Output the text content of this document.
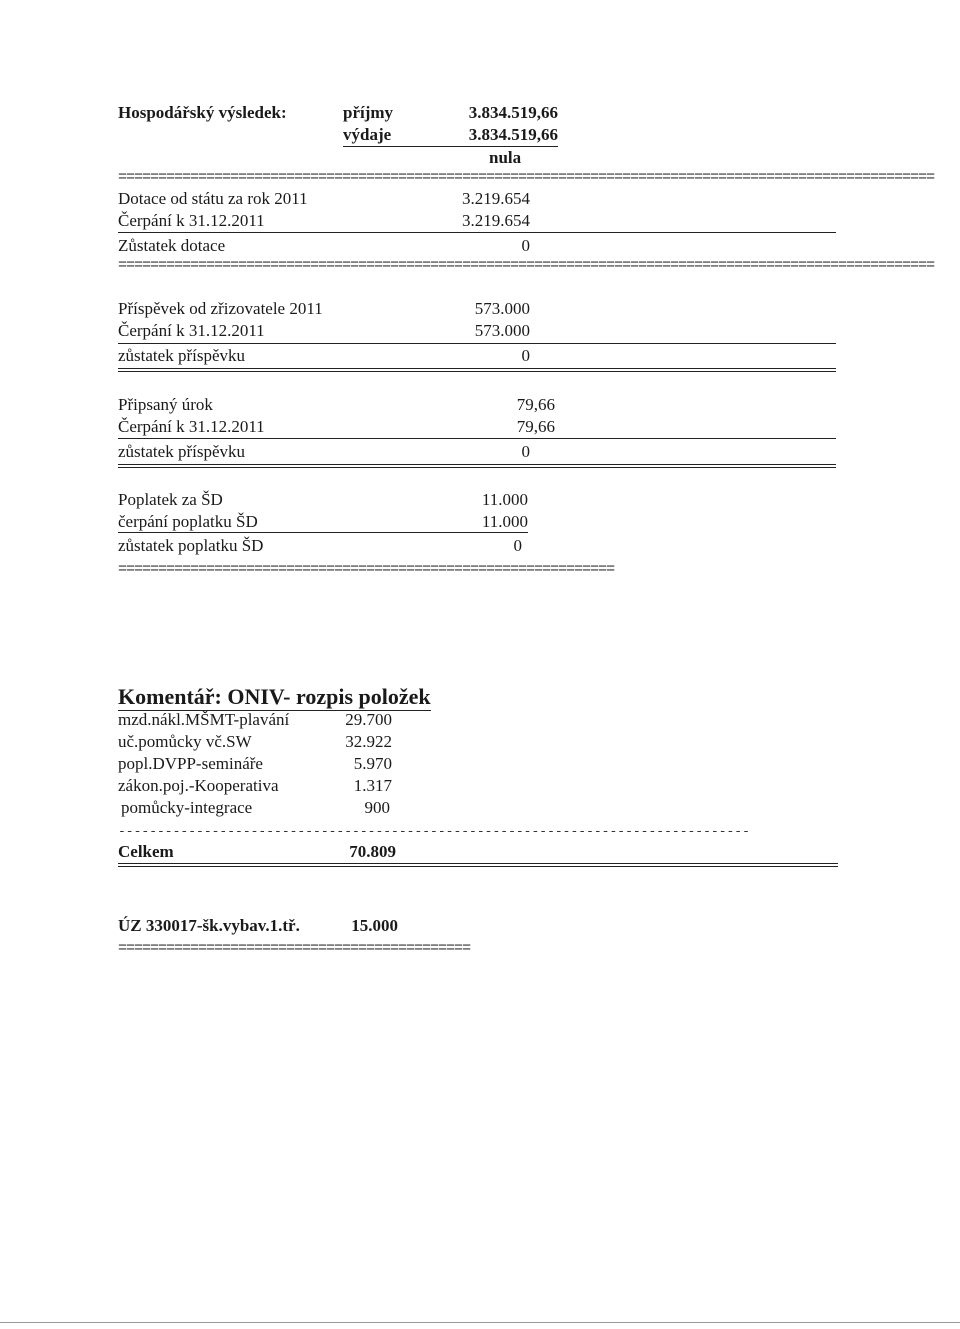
Hospodářský výsledek:	příjmy	3.834.519,66
výdaje	3.834.519,66
nula
======================================================================================================
Dotace od státu za rok 2011	3.219.654
Čerpání k 31.12.2011	3.219.654
Zůstatek dotace	0
======================================================================================================
Příspěvek od zřizovatele 2011	573.000
Čerpání k 31.12.2011	573.000
zůstatek příspěvku	0
Připsaný úrok	79,66
Čerpání k 31.12.2011	79,66
zůstatek příspěvku	0
Poplatek za ŠD	11.000
čerpání poplatku ŠD	11.000
zůstatek poplatku ŠD	0
==============================================================
Komentář: ONIV- rozpis položek
mzd.nákl.MŠMT-plavání	29.700
uč.pomůcky vč.SW	32.922
popl.DVPP-semináře	5.970
zákon.poj.-Kooperativa	1.317
pomůcky-integrace	900
---------------------------------------------------------------------------------
Celkem	70.809
ÚZ 330017-šk.vybav.1.tř.	15.000
============================================
